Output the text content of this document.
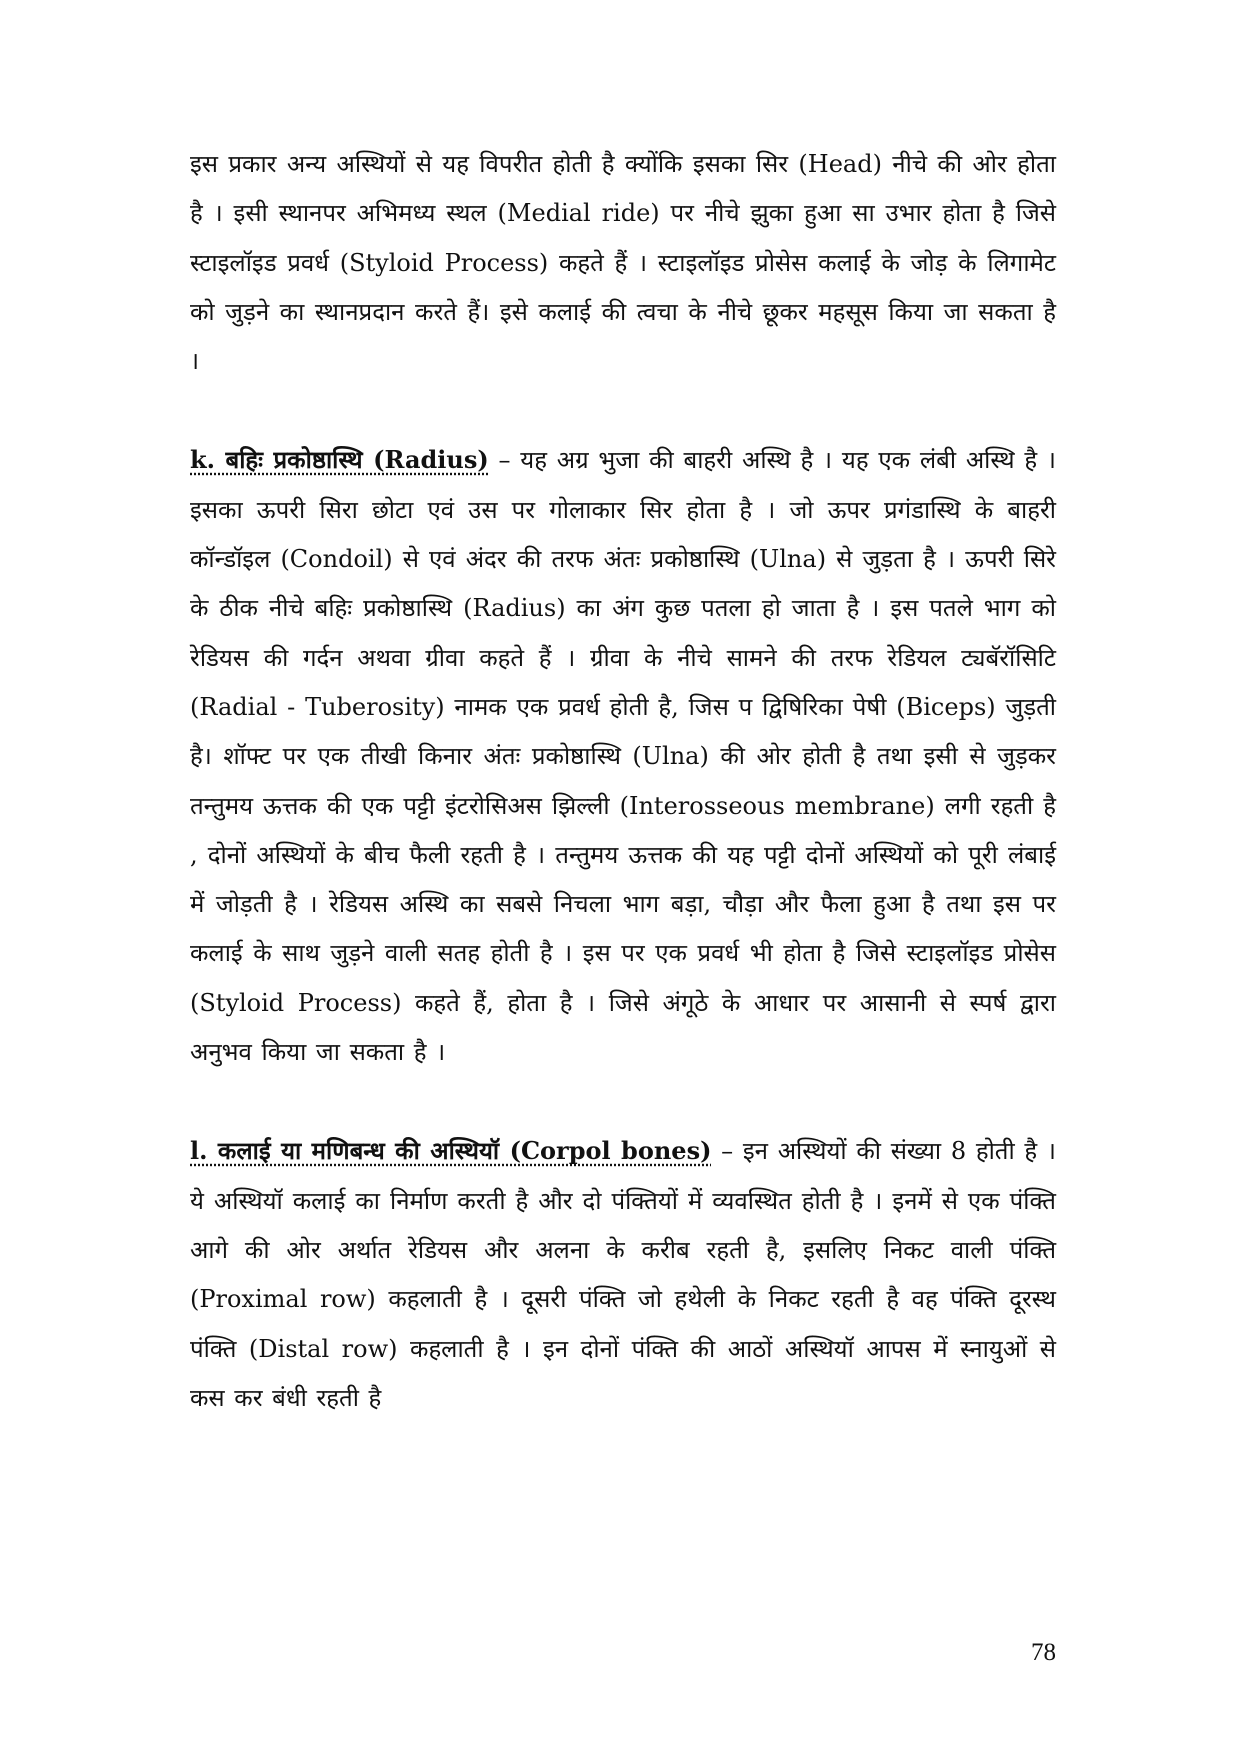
इस प्रकार अन्य अस्थियों से यह विपरीत होती है क्योंकि इसका सिर (Head) नीचे की ओर होता है । इसी स्थानपर अभिमध्य स्थल (Medial ride) पर नीचे झुका हुआ सा उभार होता है जिसे स्टाइलॉइड प्रवर्ध (Styloid Process) कहते हैं । स्टाइलॉइड प्रोसेस कलाई के जोड़ के लिगामेट को जुड़ने का स्थानप्रदान करते हैं। इसे कलाई की त्वचा के नीचे छूकर महसूस किया जा सकता है ।

k. बहिः प्रकोष्ठास्थि (Radius) – यह अग्र भुजा की बाहरी अस्थि है । यह एक लंबी अस्थि है । इसका ऊपरी सिरा छोटा एवं उस पर गोलाकार सिर होता है । जो ऊपर प्रगंडास्थि के बाहरी कॉन्डॉइल (Condoil) से एवं अंदर की तरफ अंतः प्रकोष्ठास्थि (Ulna) से जुड़ता है । ऊपरी सिरे के ठीक नीचे बहिः प्रकोष्ठास्थि (Radius) का अंग कुछ पतला हो जाता है । इस पतले भाग को रेडियस की गर्दन अथवा ग्रीवा कहते हैं । ग्रीवा के नीचे सामने की तरफ रेडियल ट्यबॅरॉसिटि (Radial - Tuberosity) नामक एक प्रवर्ध होती है, जिस प द्विषिरिका पेषी (Biceps) जुड़ती है। शॉफ्ट पर एक तीखी किनार अंतः प्रकोष्ठास्थि (Ulna) की ओर होती है तथा इसी से जुड़कर तन्तुमय ऊत्तक की एक पट्टी इंटरोसिअस झिल्ली (Interosseous membrane) लगी रहती है , दोनों अस्थियों के बीच फैली रहती है । तन्तुमय ऊत्तक की यह पट्टी दोनों अस्थियों को पूरी लंबाई में जोड़ती है । रेडियस अस्थि का सबसे निचला भाग बड़ा, चौड़ा और फैला हुआ है तथा इस पर कलाई के साथ जुड़ने वाली सतह होती है । इस पर एक प्रवर्ध भी होता है जिसे स्टाइलॉइड प्रोसेस (Styloid Process) कहते हैं, होता है । जिसे अंगूठे के आधार पर आसानी से स्पर्ष द्वारा अनुभव किया जा सकता है ।

l. कलाई या मणिबन्ध की अस्थियॉ (Corpol bones) – इन अस्थियों की संख्या 8 होती है । ये अस्थियॉ कलाई का निर्माण करती है और दो पंक्तियों में व्यवस्थित होती है । इनमें से एक पंक्ति आगे की ओर अर्थात रेडियस और अलना के करीब रहती है, इसलिए निकट वाली पंक्ति (Proximal row) कहलाती है । दूसरी पंक्ति जो हथेली के निकट रहती है वह पंक्ति दूरस्थ पंक्ति (Distal row) कहलाती है । इन दोनों पंक्ति की आठों अस्थियॉ आपस में स्नायुओं से कस कर बंधी रहती है

78
